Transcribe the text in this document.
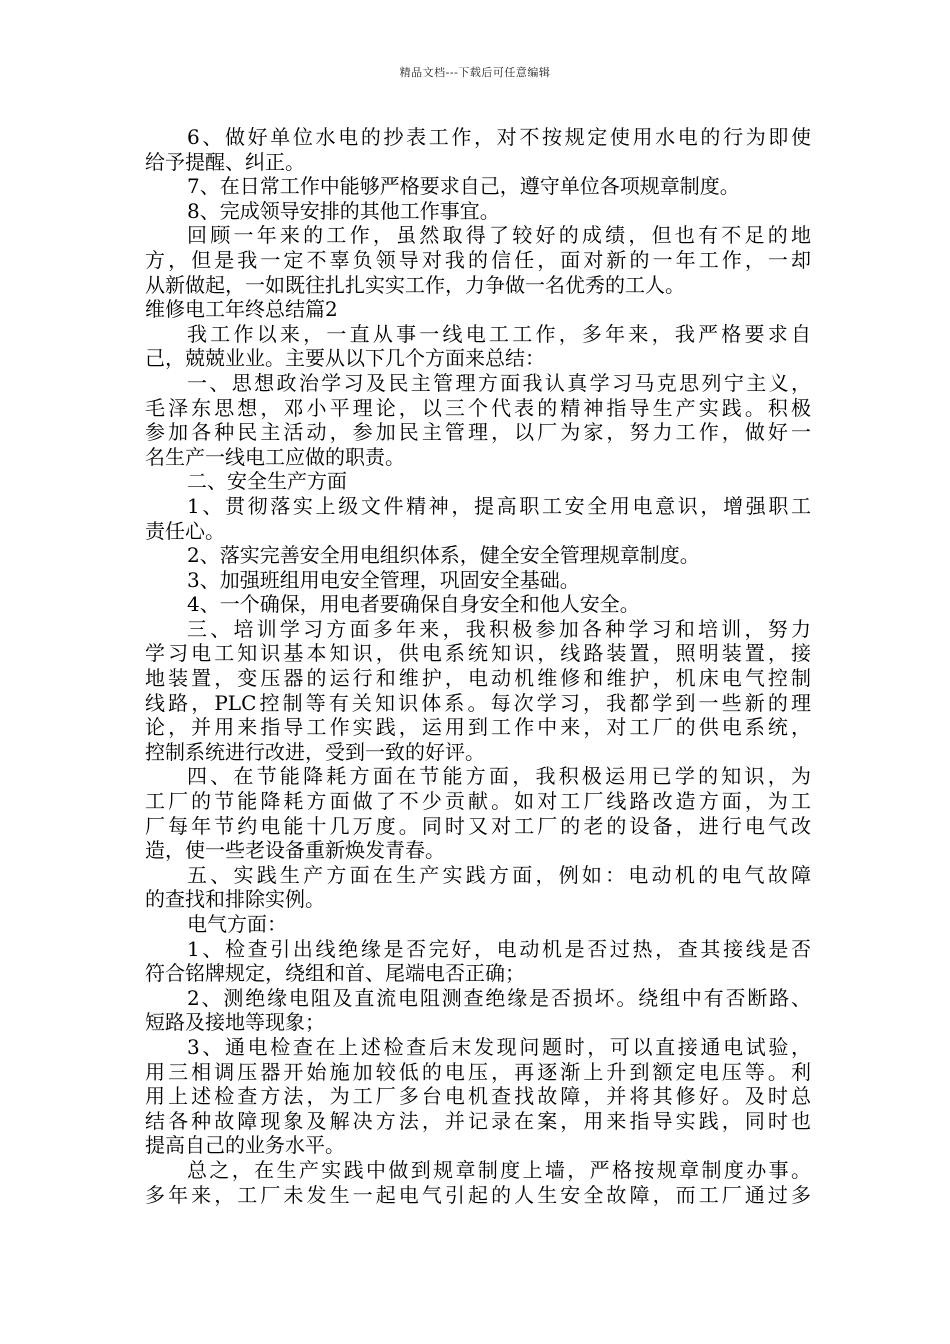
精品文档---下载后可任意编辑
6、做好单位水电的抄表工作，对不按规定使用水电的行为即使
给予提醒、纠正。
7、在日常工作中能够严格要求自己，遵守单位各项规章制度。
8、完成领导安排的其他工作事宜。
回顾一年来的工作，虽然取得了较好的成绩，但也有不足的地
方，但是我一定不辜负领导对我的信任，面对新的一年工作，一却
从新做起，一如既往扎扎实实工作，力争做一名优秀的工人。
维修电工年终总结篇2
我工作以来，一直从事一线电工工作，多年来，我严格要求自
己，兢兢业业。主要从以下几个方面来总结：
一、思想政治学习及民主管理方面我认真学习马克思列宁主义，
毛泽东思想，邓小平理论，以三个代表的精神指导生产实践。积极
参加各种民主活动，参加民主管理，以厂为家，努力工作，做好一
名生产一线电工应做的职责。
二、安全生产方面
1、贯彻落实上级文件精神，提高职工安全用电意识，增强职工
责任心。
2、落实完善安全用电组织体系，健全安全管理规章制度。
3、加强班组用电安全管理，巩固安全基础。
4、一个确保，用电者要确保自身安全和他人安全。
三、培训学习方面多年来，我积极参加各种学习和培训，努力
学习电工知识基本知识，供电系统知识，线路装置，照明装置，接
地装置，变压器的运行和维护，电动机维修和维护，机床电气控制
线路，PLC控制等有关知识体系。每次学习，我都学到一些新的理
论，并用来指导工作实践，运用到工作中来，对工厂的供电系统，
控制系统进行改进，受到一致的好评。
四、在节能降耗方面在节能方面，我积极运用已学的知识，为
工厂的节能降耗方面做了不少贡献。如对工厂线路改造方面，为工
厂每年节约电能十几万度。同时又对工厂的老的设备，进行电气改
造，使一些老设备重新焕发青春。
五、实践生产方面在生产实践方面，例如：电动机的电气故障
的查找和排除实例。
电气方面：
1、检查引出线绝缘是否完好，电动机是否过热，查其接线是否
符合铭牌规定，绕组和首、尾端电否正确；
2、测绝缘电阻及直流电阻测查绝缘是否损坏。绕组中有否断路、
短路及接地等现象；
3、通电检查在上述检查后末发现问题时，可以直接通电试验，
用三相调压器开始施加较低的电压，再逐渐上升到额定电压等。利
用上述检查方法，为工厂多台电机查找故障，并将其修好。及时总
结各种故障现象及解决方法，并记录在案，用来指导实践，同时也
提高自己的业务水平。
总之，在生产实践中做到规章制度上墙，严格按规章制度办事。
多年来，工厂未发生一起电气引起的人生安全故障，而工厂通过多
